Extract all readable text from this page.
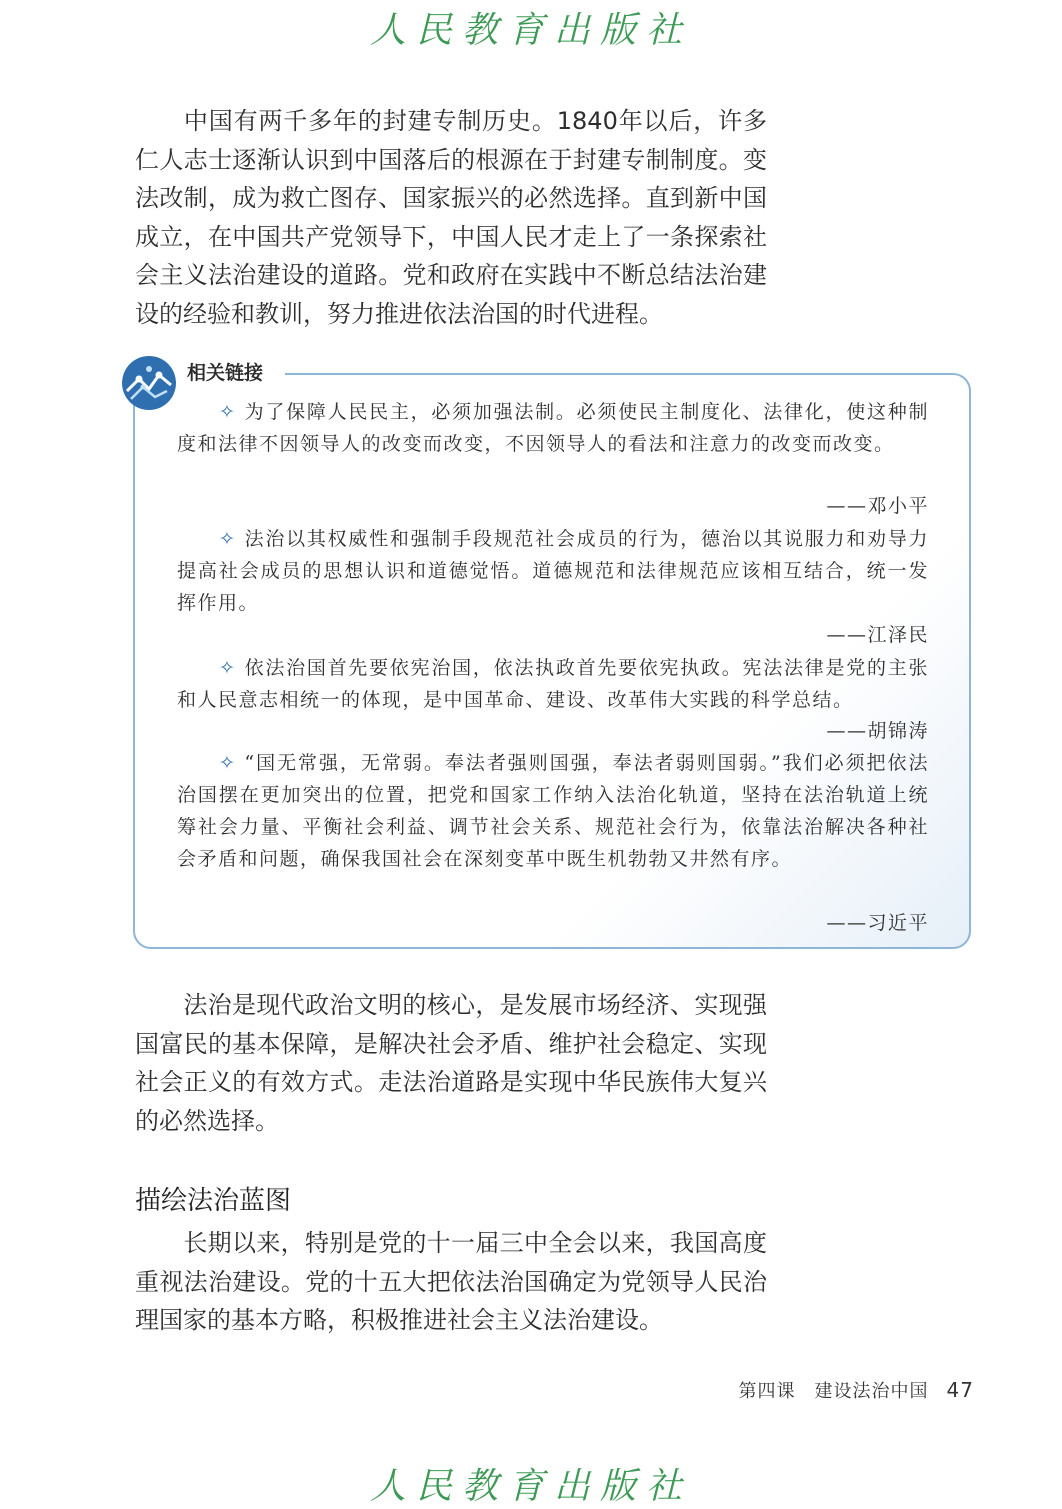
人民教育出版社

中国有两千多年的封建专制历史。1840年以后，许多仁人志士逐渐认识到中国落后的根源在于封建专制制度。变法改制，成为救亡图存、国家振兴的必然选择。直到新中国成立，在中国共产党领导下，中国人民才走上了一条探索社会主义法治建设的道路。党和政府在实践中不断总结法治建设的经验和教训，努力推进依法治国的时代进程。

相关链接
✧ 为了保障人民民主，必须加强法制。必须使民主制度化、法律化，使这种制度和法律不因领导人的改变而改变，不因领导人的看法和注意力的改变而改变。
——邓小平
✧ 法治以其权威性和强制手段规范社会成员的行为，德治以其说服力和劝导力提高社会成员的思想认识和道德觉悟。道德规范和法律规范应该相互结合，统一发挥作用。
——江泽民
✧ 依法治国首先要依宪治国，依法执政首先要依宪执政。宪法法律是党的主张和人民意志相统一的体现，是中国革命、建设、改革伟大实践的科学总结。
——胡锦涛
✧ “国无常强，无常弱。奉法者强则国强，奉法者弱则国弱。”我们必须把依法治国摆在更加突出的位置，把党和国家工作纳入法治化轨道，坚持在法治轨道上统筹社会力量、平衡社会利益、调节社会关系、规范社会行为，依靠法治解决各种社会矛盾和问题，确保我国社会在深刻变革中既生机勃勃又井然有序。
——习近平

法治是现代政治文明的核心，是发展市场经济、实现强国富民的基本保障，是解决社会矛盾、维护社会稳定、实现社会正义的有效方式。走法治道路是实现中华民族伟大复兴的必然选择。

描绘法治蓝图

长期以来，特别是党的十一届三中全会以来，我国高度重视法治建设。党的十五大把依法治国确定为党领导人民治理国家的基本方略，积极推进社会主义法治建设。

第四课　建设法治中国 47
人民教育出版社
